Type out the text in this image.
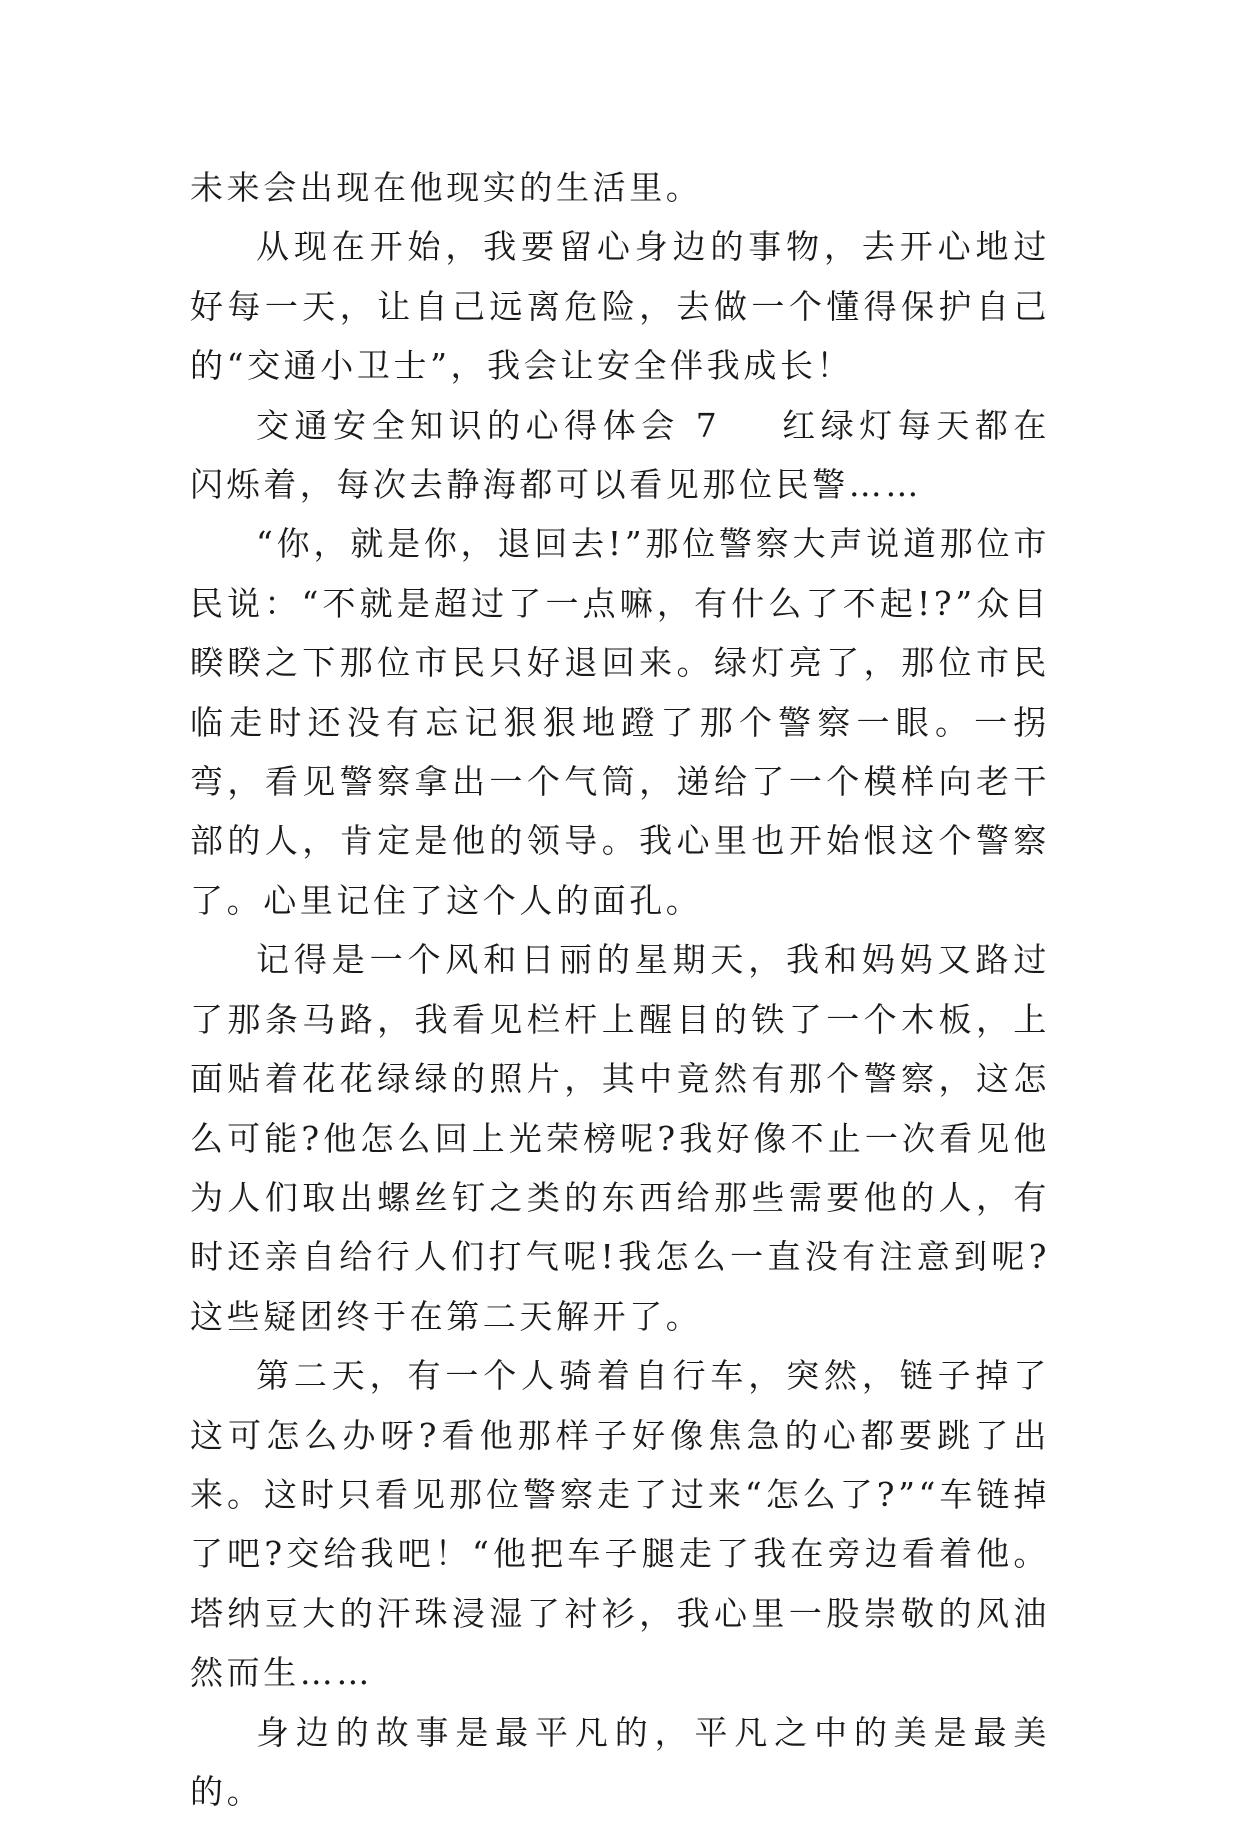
未来会出现在他现实的生活里。

从现在开始，我要留心身边的事物，去开心地过好每一天，让自己远离危险，去做一个懂得保护自己的“交通小卫士”，我会让安全伴我成长！

交通安全知识的心得体会 7 红绿灯每天都在闪烁着，每次去静海都可以看见那位民警……

“你，就是你，退回去!”那位警察大声说道那位市民说：“不就是超过了一点嘛，有什么了不起!?”众目睽睽之下那位市民只好退回来。绿灯亮了，那位市民临走时还没有忘记狠狠地蹬了那个警察一眼。一拐弯，看见警察拿出一个气筒，递给了一个模样向老干部的人，肯定是他的领导。我心里也开始恨这个警察了。心里记住了这个人的面孔。

记得是一个风和日丽的星期天，我和妈妈又路过了那条马路，我看见栏杆上醒目的铁了一个木板，上面贴着花花绿绿的照片，其中竟然有那个警察，这怎么可能?他怎么回上光荣榜呢?我好像不止一次看见他为人们取出螺丝钉之类的东西给那些需要他的人，有时还亲自给行人们打气呢!我怎么一直没有注意到呢?这些疑团终于在第二天解开了。

第二天，有一个人骑着自行车，突然，链子掉了这可怎么办呀?看他那样子好像焦急的心都要跳了出来。这时只看见那位警察走了过来“怎么了?”“车链掉了吧?交给我吧！“他把车子腿走了我在旁边看着他。塔纳豆大的汗珠浸湿了衬衫，我心里一股崇敬的风油然而生……

身边的故事是最平凡的，平凡之中的美是最美的。
